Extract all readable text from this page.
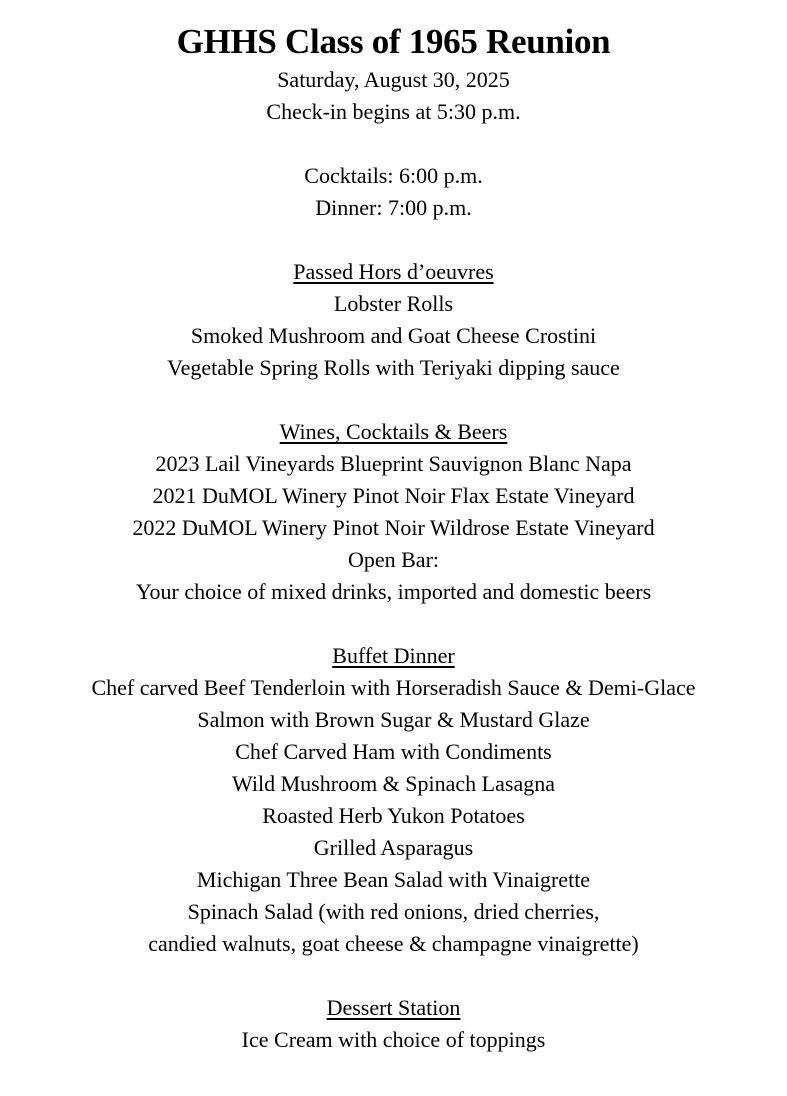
GHHS Class of 1965 Reunion

Saturday, August 30, 2025

Check-in begins at 5:30 p.m.

Cocktails: 6:00 p.m.

Dinner: 7:00 p.m.

Passed Hors d’oeuvres

Lobster Rolls

Smoked Mushroom and Goat Cheese Crostini

Vegetable Spring Rolls with Teriyaki dipping sauce

Wines, Cocktails & Beers

2023 Lail Vineyards Blueprint Sauvignon Blanc Napa

2021 DuMOL Winery Pinot Noir Flax Estate Vineyard

2022 DuMOL Winery Pinot Noir Wildrose Estate Vineyard

Open Bar:

Your choice of mixed drinks, imported and domestic beers

Buffet Dinner

Chef carved Beef Tenderloin with Horseradish Sauce & Demi-Glace

Salmon with Brown Sugar & Mustard Glaze

Chef Carved Ham with Condiments

Wild Mushroom & Spinach Lasagna

Roasted Herb Yukon Potatoes

Grilled Asparagus

Michigan Three Bean Salad with Vinaigrette

Spinach Salad (with red onions, dried cherries,

candied walnuts, goat cheese & champagne vinaigrette)

Dessert Station

Ice Cream with choice of toppings
